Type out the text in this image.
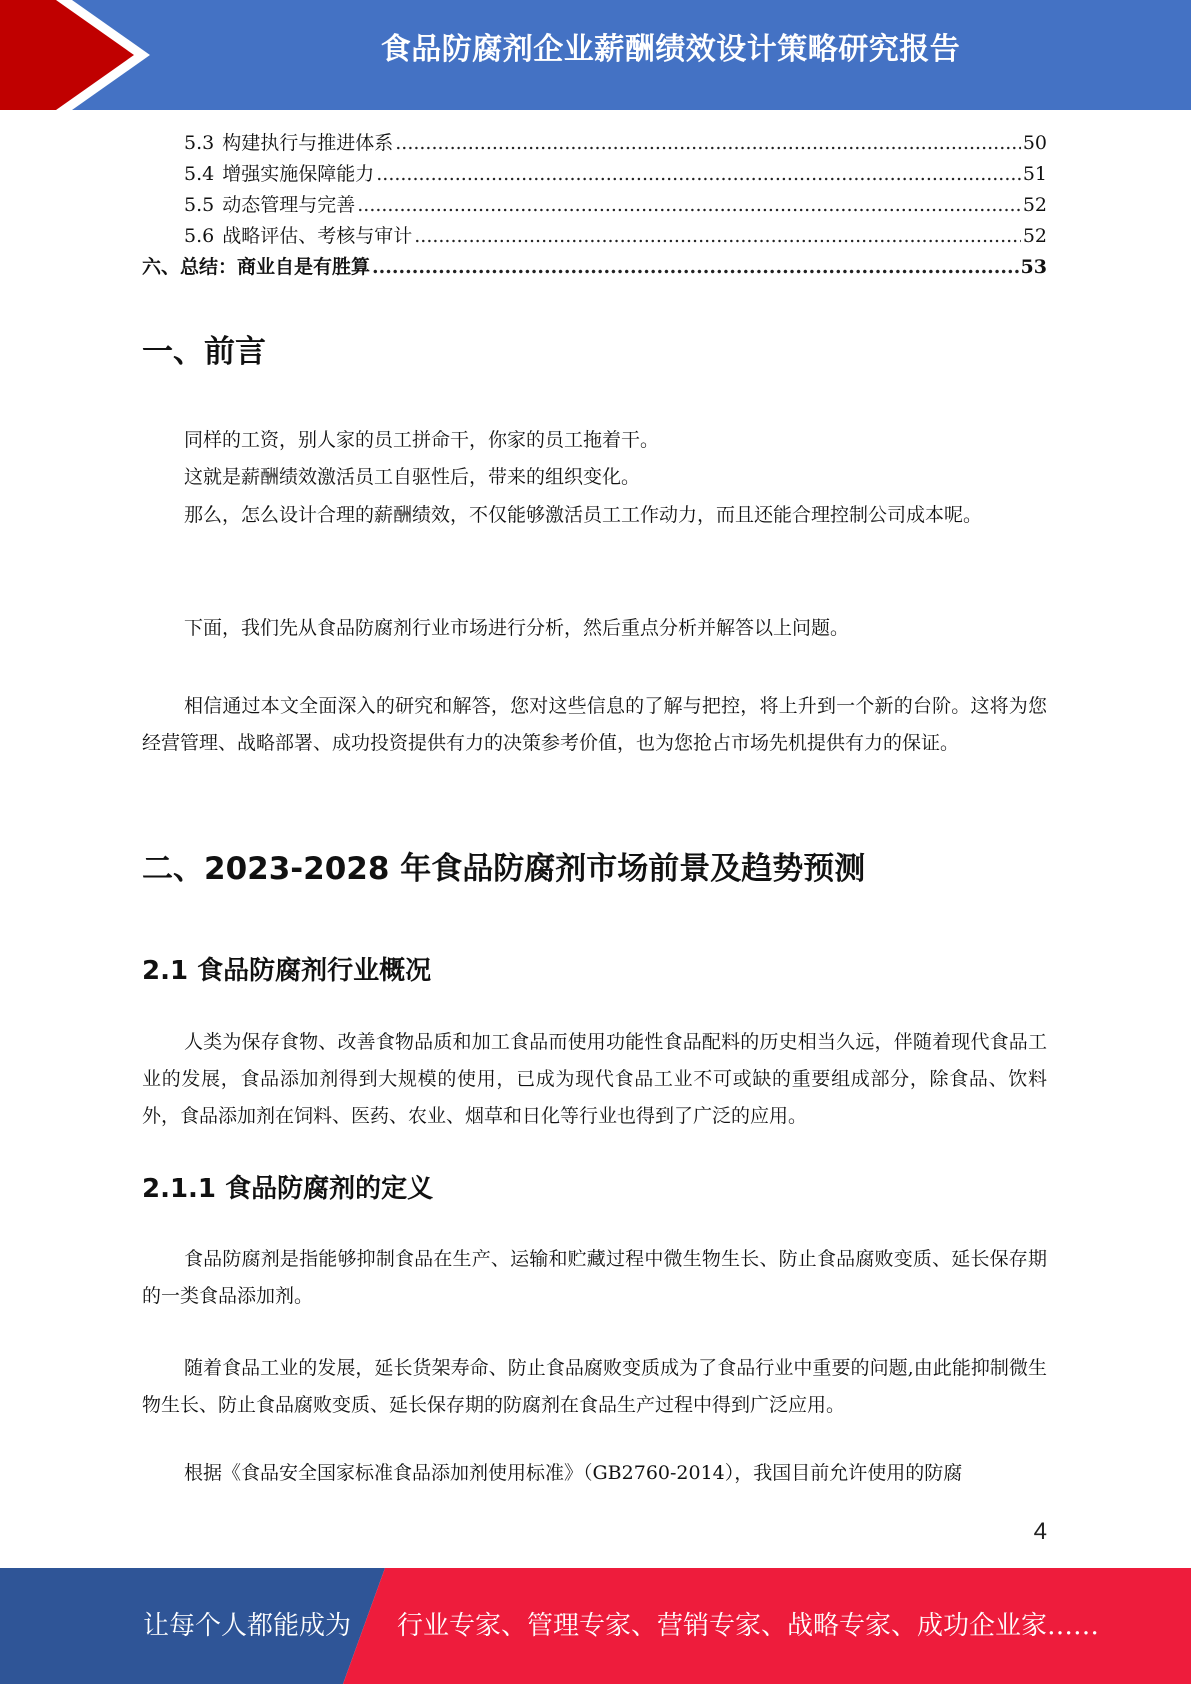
食品防腐剂企业薪酬绩效设计策略研究报告
5.3 构建执行与推进体系 .....	50
5.4 增强实施保障能力 .....	51
5.5 动态管理与完善 .....	52
5.6 战略评估、考核与审计 .....	52
六、总结：商业自是有胜算 .....	53
一、前言

同样的工资，别人家的员工拼命干，你家的员工拖着干。

这就是薪酬绩效激活员工自驱性后，带来的组织变化。

那么，怎么设计合理的薪酬绩效，不仅能够激活员工工作动力，而且还能合理控制公司成本呢。

下面，我们先从食品防腐剂行业市场进行分析，然后重点分析并解答以上问题。

相信通过本文全面深入的研究和解答，您对这些信息的了解与把控，将上升到一个新的台阶。这将为您经营管理、战略部署、成功投资提供有力的决策参考价值，也为您抢占市场先机提供有力的保证。

二、2023-2028 年食品防腐剂市场前景及趋势预测
2.1 食品防腐剂行业概况

人类为保存食物、改善食物品质和加工食品而使用功能性食品配料的历史相当久远，伴随着现代食品工业的发展，食品添加剂得到大规模的使用，已成为现代食品工业不可或缺的重要组成部分，除食品、饮料外，食品添加剂在饲料、医药、农业、烟草和日化等行业也得到了广泛的应用。

2.1.1 食品防腐剂的定义

食品防腐剂是指能够抑制食品在生产、运输和贮藏过程中微生物生长、防止食品腐败变质、延长保存期的一类食品添加剂。

随着食品工业的发展，延长货架寿命、防止食品腐败变质成为了食品行业中重要的问题,由此能抑制微生物生长、防止食品腐败变质、延长保存期的防腐剂在食品生产过程中得到广泛应用。

根据《食品安全国家标准食品添加剂使用标准》（GB2760-2014），我国目前允许使用的防腐

4
让每个人都能成为 行业专家、管理专家、营销专家、战略专家、成功企业家……
